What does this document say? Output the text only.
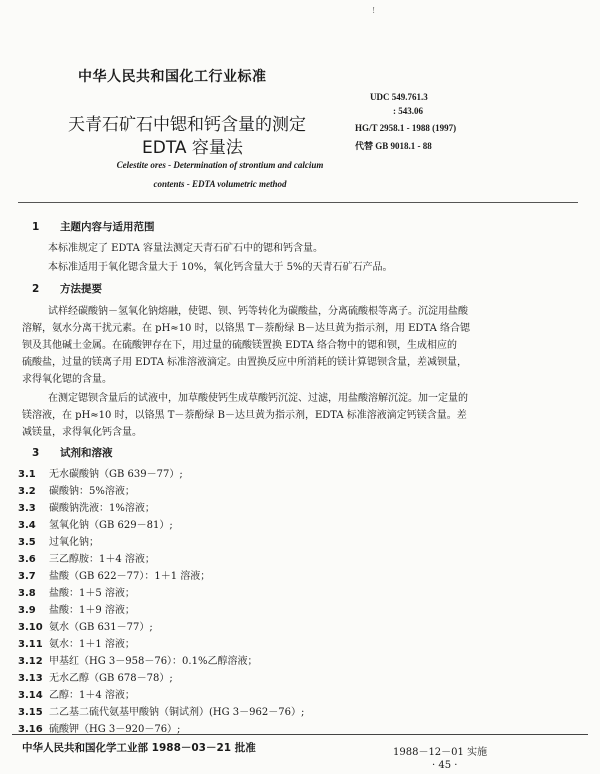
!
中华人民共和国化工行业标准
天青石矿石中锶和钙含量的测定
EDTA 容量法
Celestite ores - Determination of strontium and calcium
contents - EDTA volumetric method
UDC 549.761.3
: 543.06
HG/T 2958.1 - 1988 (1997)
代替 GB 9018.1 - 88
1 主题内容与适用范围
本标准规定了 EDTA 容量法测定天青石矿石中的锶和钙含量。
本标准适用于氧化锶含量大于 10%，氧化钙含量大于 5%的天青石矿石产品。
2 方法提要
试样经碳酸钠－氢氧化钠熔融，使锶、钡、钙等转化为碳酸盐，分离硫酸根等离子。沉淀用盐酸
溶解，氨水分离干扰元素。在 pH≈10 时，以铬黑 T－萘酚绿 B－达旦黄为指示剂，用 EDTA 络合锶
钡及其他碱土金属。在硫酸钾存在下，用过量的硫酸镁置换 EDTA 络合物中的锶和钡，生成相应的
硫酸盐，过量的镁离子用 EDTA 标准溶液滴定。由置换反应中所消耗的镁计算锶钡含量，差减钡量，
求得氧化锶的含量。
在测定锶钡含量后的试液中，加草酸使钙生成草酸钙沉淀、过滤，用盐酸溶解沉淀。加一定量的
镁溶液，在 pH≈10 时，以铬黑 T－萘酚绿 B－达旦黄为指示剂，EDTA 标准溶液滴定钙镁含量。差
减镁量，求得氧化钙含量。
3 试剂和溶液
3.1 无水碳酸钠（GB 639－77）;
3.2 碳酸钠：5%溶液；
3.3 碳酸钠洗液：1%溶液；
3.4 氢氧化钠（GB 629－81）;
3.5 过氧化钠；
3.6 三乙醇胺：1＋4 溶液；
3.7 盐酸（GB 622－77）：1＋1 溶液；
3.8 盐酸：1＋5 溶液；
3.9 盐酸：1＋9 溶液；
3.10 氨水（GB 631－77）;
3.11 氨水：1＋1 溶液；
3.12 甲基红（HG 3－958－76）：0.1%乙醇溶液；
3.13 无水乙醇（GB 678－78）;
3.14 乙醇：1＋4 溶液；
3.15 二乙基二硫代氨基甲酸钠（铜试剂）(HG 3－962－76）;
3.16 硫酸钾（HG 3－920－76）;
中华人民共和国化学工业部 1988－03－21 批准	1988－12－01 实施
· 45 ·
